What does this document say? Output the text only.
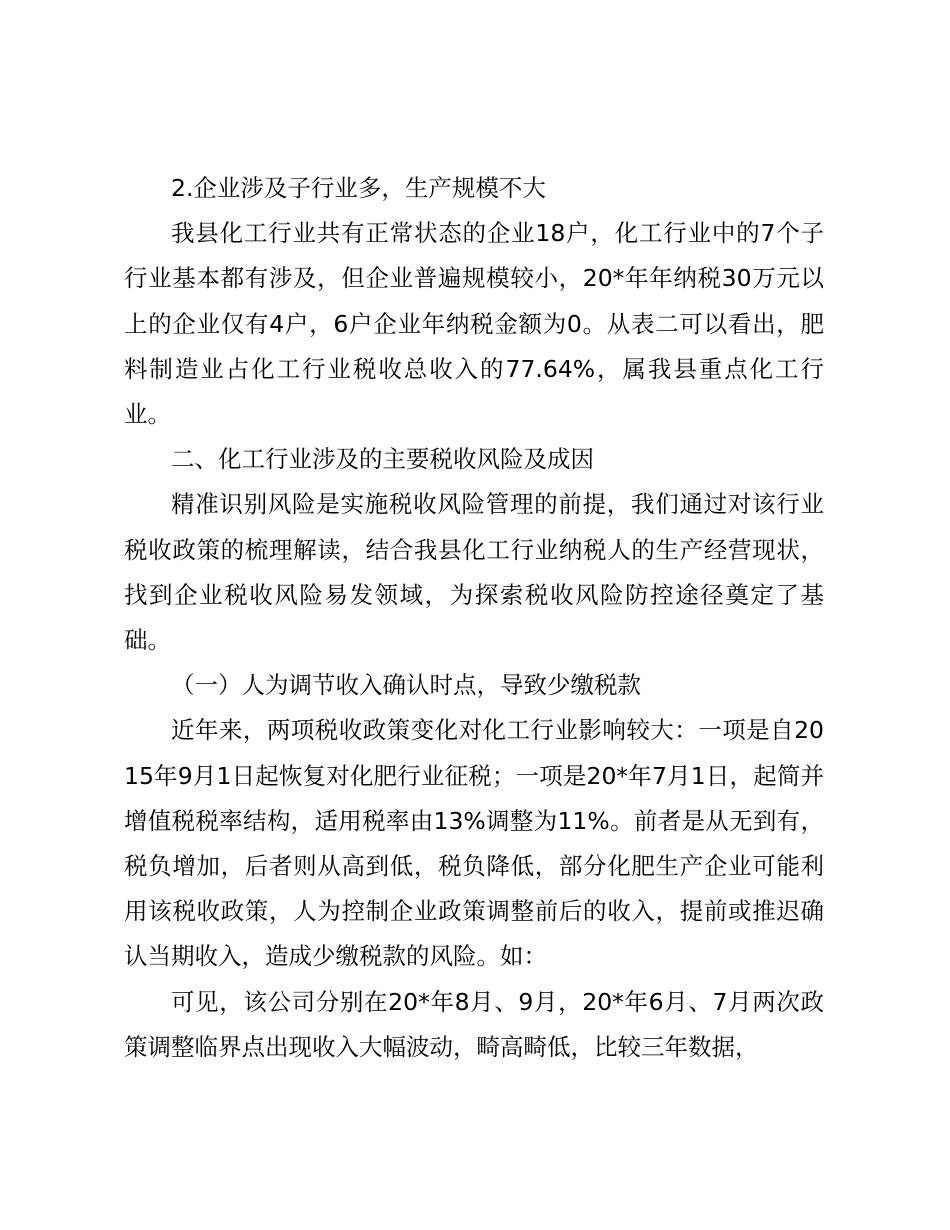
2.企业涉及子行业多，生产规模不大

我县化工行业共有正常状态的企业18户，化工行业中的7个子行业基本都有涉及，但企业普遍规模较小，20*年年纳税30万元以上的企业仅有4户，6户企业年纳税金额为0。从表二可以看出，肥料制造业占化工行业税收总收入的77.64%，属我县重点化工行业。

二、化工行业涉及的主要税收风险及成因

精准识别风险是实施税收风险管理的前提，我们通过对该行业税收政策的梳理解读，结合我县化工行业纳税人的生产经营现状，找到企业税收风险易发领域，为探索税收风险防控途径奠定了基础。

（一）人为调节收入确认时点，导致少缴税款

近年来，两项税收政策变化对化工行业影响较大：一项是自2015年9月1日起恢复对化肥行业征税；一项是20*年7月1日，起简并增值税税率结构，适用税率由13%调整为11%。前者是从无到有，税负增加，后者则从高到低，税负降低，部分化肥生产企业可能利用该税收政策，人为控制企业政策调整前后的收入，提前或推迟确认当期收入，造成少缴税款的风险。如：

可见，该公司分别在20*年8月、9月，20*年6月、7月两次政策调整临界点出现收入大幅波动，畸高畸低，比较三年数据，
